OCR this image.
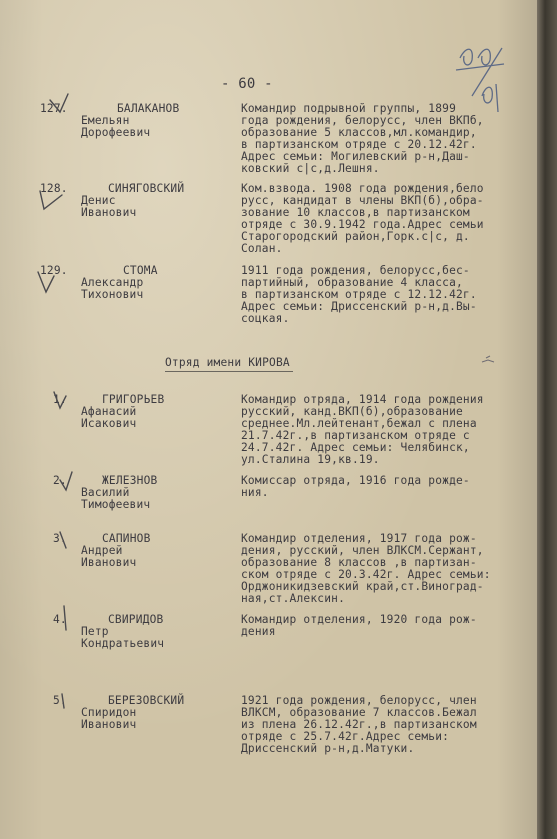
- 60 -
127.	БАЛАКАНОВ
Емельян Дорофеевич
Командир подрывной группы, 1899
года рождения, белорусс, член ВКПб,
образование 5 классов,мл.командир,
в партизанском отряде с 20.12.42г.
Адрес семьи: Могилевский р-н,Даш-
ковский с|с,д.Лешня.
128.	СИНЯГОВСКИЙ
Денис Иванович
Ком.взвода. 1908 года рождения,бело
русс, кандидат в члены ВКП(б),обра-
зование 10 классов,в партизанском
отряде с 30.9.1942 года.Адрес семьи
Старогородский район,Горк.с|с, д.
Солан.
129.	СТОМА
Александр Тихонович
1911 года рождения, белорусс,бес-
партийный, образование 4 класса,
в партизанском отряде с 12.12.42г.
Адрес семьи: Дриссенский р-н,д.Вы-
соцкая.
Отряд имени КИРОВА
1.	ГРИГОРЬЕВ
Афанасий Исакович
Командир отряда, 1914 года рождения
русский, канд.ВКП(б),образование
среднее.Мл.лейтенант,бежал с плена
21.7.42г.,в партизанском отряде с
24.7.42г. Адрес семьи: Челябинск,
ул.Сталина 19,кв.19.
2.	ЖЕЛЕЗНОВ
Василий Тимофеевич
Комиссар отряда, 1916 года рожде-
ния.
3.	САПИНОВ
Андрей Иванович
Командир отделения, 1917 года рож-
дения, русский, член ВЛКСМ.Сержант,
образование 8 классов ,в партизан-
ском отряде с 20.3.42г. Адрес семьи:
Орджоникидзевский край,ст.Виноград-
ная,ст.Алексин.
4.	СВИРИДОВ
Петр Кондратьевич
Командир отделения, 1920 года рож-
дения
5.	БЕРЕЗОВСКИЙ
Спиридон Иванович
1921 года рождения, белорусс, член
ВЛКСМ, образование 7 классов.Бежал
из плена 26.12.42г.,в партизанском
отряде с 25.7.42г.Адрес семьи:
Дриссенский р-н,д.Матуки.
